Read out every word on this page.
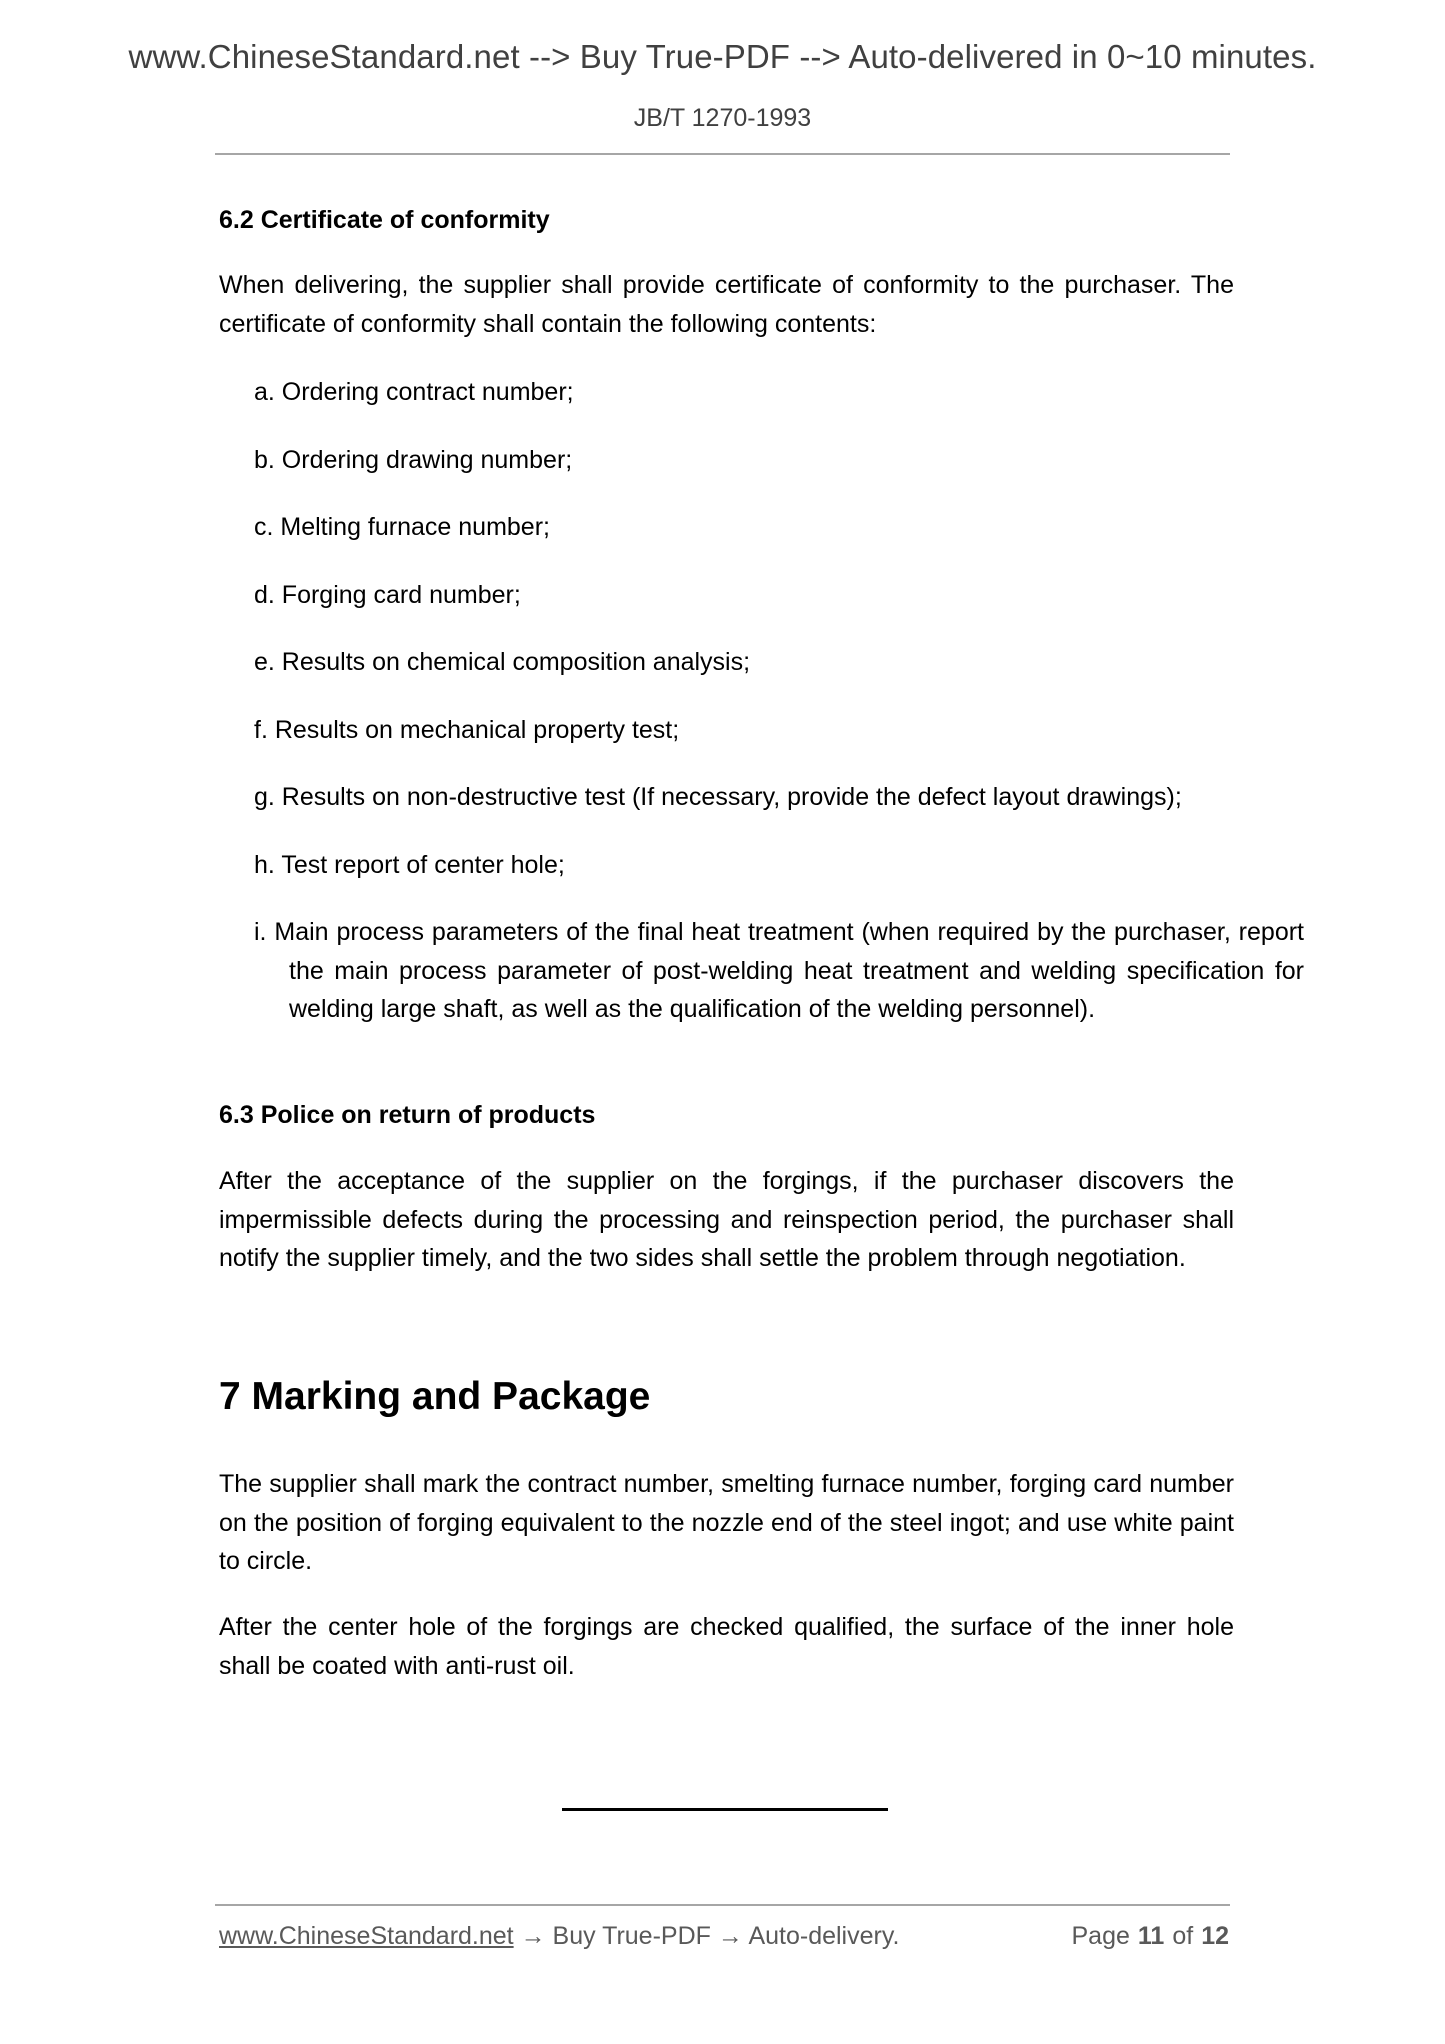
www.ChineseStandard.net --> Buy True-PDF --> Auto-delivered in 0~10 minutes.
JB/T 1270-1993
6.2 Certificate of conformity

When delivering, the supplier shall provide certificate of conformity to the purchaser. The certificate of conformity shall contain the following contents:

a. Ordering contract number;

b. Ordering drawing number;

c. Melting furnace number;

d. Forging card number;

e. Results on chemical composition analysis;

f. Results on mechanical property test;

g. Results on non-destructive test (If necessary, provide the defect layout drawings);

h. Test report of center hole;

i. Main process parameters of the final heat treatment (when required by the purchaser, report the main process parameter of post-welding heat treatment and welding specification for welding large shaft, as well as the qualification of the welding personnel).

6.3 Police on return of products

After the acceptance of the supplier on the forgings, if the purchaser discovers the impermissible defects during the processing and reinspection period, the purchaser shall notify the supplier timely, and the two sides shall settle the problem through negotiation.

7 Marking and Package

The supplier shall mark the contract number, smelting furnace number, forging card number on the position of forging equivalent to the nozzle end of the steel ingot; and use white paint to circle.

After the center hole of the forgings are checked qualified, the surface of the inner hole shall be coated with anti-rust oil.

www.ChineseStandard.net → Buy True-PDF → Auto-delivery.	Page 11 of 12
